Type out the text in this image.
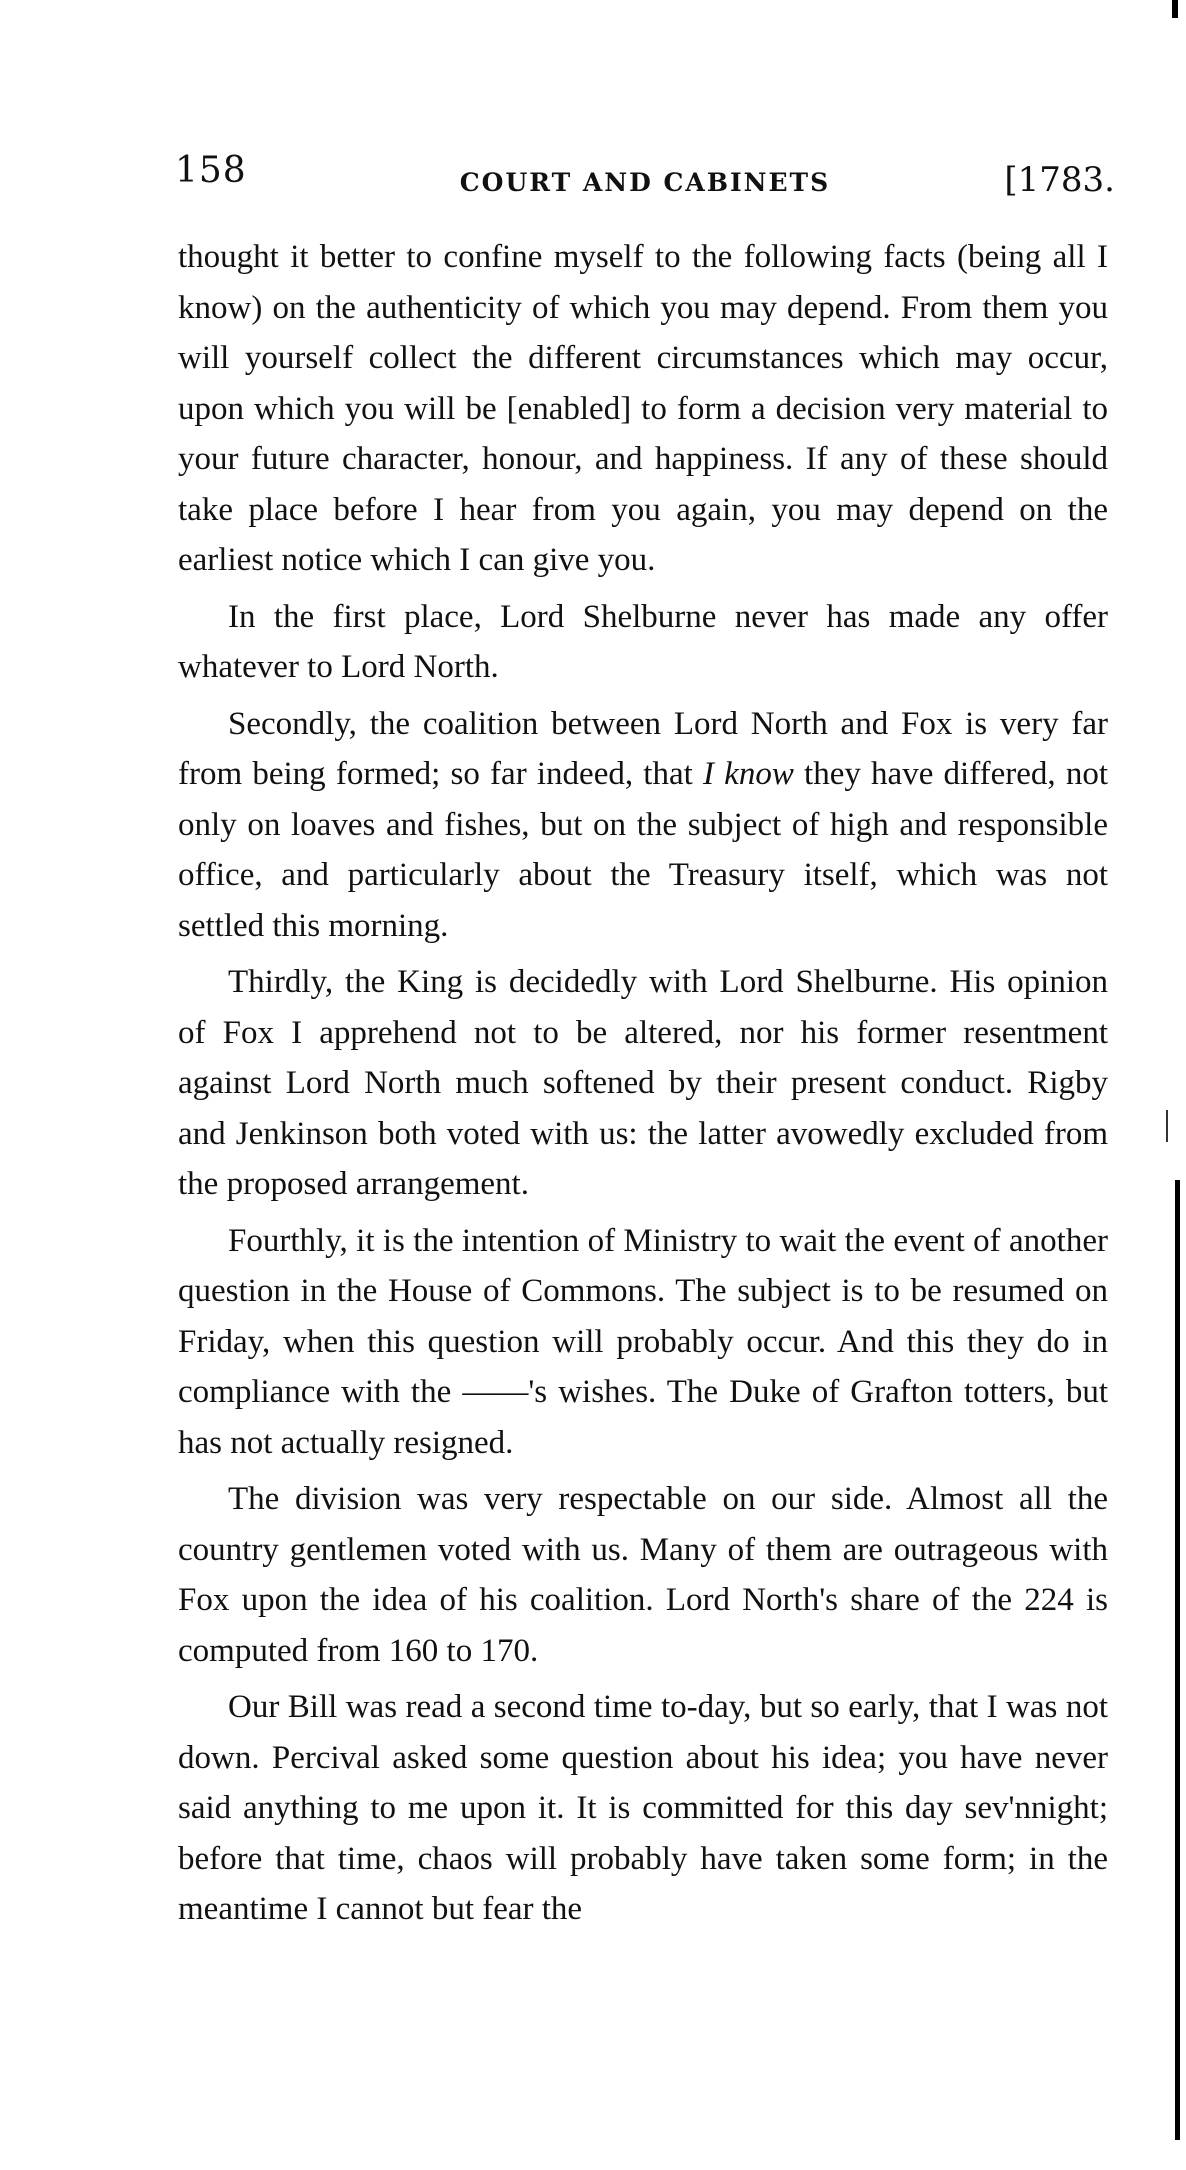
158	COURT AND CABINETS	[1783.

thought it better to confine myself to the following facts (being all I know) on the authenticity of which you may depend. From them you will yourself collect the different circumstances which may occur, upon which you will be [enabled] to form a decision very material to your future character, honour, and happiness. If any of these should take place before I hear from you again, you may depend on the earliest notice which I can give you.

In the first place, Lord Shelburne never has made any offer whatever to Lord North.

Secondly, the coalition between Lord North and Fox is very far from being formed; so far indeed, that I know they have differed, not only on loaves and fishes, but on the subject of high and responsible office, and particularly about the Treasury itself, which was not settled this morning.

Thirdly, the King is decidedly with Lord Shelburne. His opinion of Fox I apprehend not to be altered, nor his former resentment against Lord North much softened by their present conduct. Rigby and Jenkinson both voted with us: the latter avowedly excluded from the proposed arrangement.

Fourthly, it is the intention of Ministry to wait the event of another question in the House of Commons. The subject is to be resumed on Friday, when this question will probably occur. And this they do in compliance with the ——'s wishes. The Duke of Grafton totters, but has not actually resigned.

The division was very respectable on our side. Almost all the country gentlemen voted with us. Many of them are outrageous with Fox upon the idea of his coalition. Lord North's share of the 224 is computed from 160 to 170.

Our Bill was read a second time to-day, but so early, that I was not down. Percival asked some question about his idea; you have never said anything to me upon it. It is committed for this day sev'nnight; before that time, chaos will probably have taken some form; in the meantime I cannot but fear the
